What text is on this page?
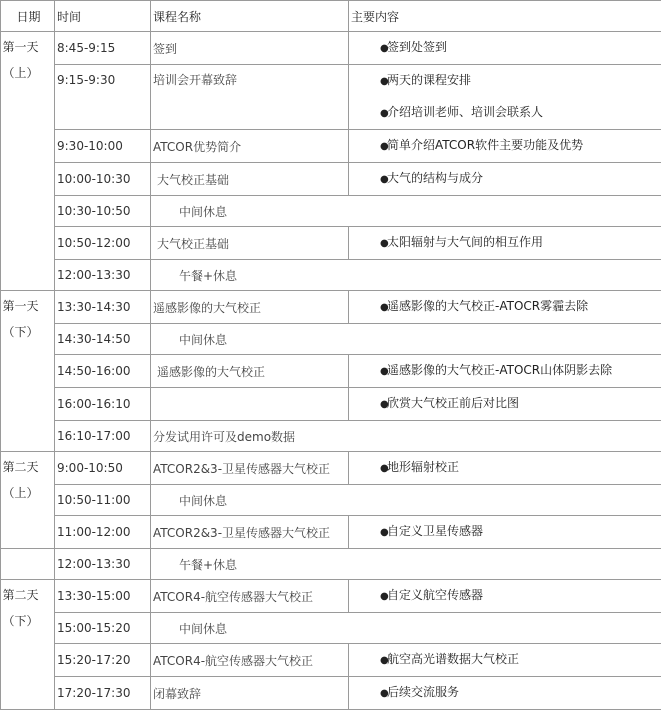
日期	时间	课程名称	主要内容

第一天
（上）	8:45-9:15	签到	●签到处签到

	9:15-9:30	培训会开幕致辞	●两天的课程安排
●介绍培训老师、培训会联系人

	9:30-10:00	ATCOR优势简介	●简单介绍ATCOR软件主要功能及优势

	10:00-10:30	大气校正基础	●大气的结构与成分

	10:30-10:50	中间休息	
	10:50-12:00	大气校正基础	●太阳辐射与大气间的相互作用

	12:00-13:30	午餐+休息	

第一天
（下）	13:30-14:30	遥感影像的大气校正	●遥感影像的大气校正-ATOCR雾霾去除

	14:30-14:50	中间休息	
	14:50-16:00	遥感影像的大气校正	●遥感影像的大气校正-ATOCR山体阴影去除

	16:00-16:10		●欣赏大气校正前后对比图

	16:10-17:00	分发试用许可及demo数据	

第二天
（上）	9:00-10:50	ATCOR2&3-卫星传感器大气校正	●地形辐射校正

	10:50-11:00	中间休息	
	11:00-12:00	ATCOR2&3-卫星传感器大气校正	●自定义卫星传感器

	12:00-13:30	午餐+休息	

第二天
（下）	13:30-15:00	ATCOR4-航空传感器大气校正	●自定义航空传感器

	15:00-15:20	中间休息	
	15:20-17:20	ATCOR4-航空传感器大气校正	●航空高光谱数据大气校正

	17:20-17:30	闭幕致辞	●后续交流服务
